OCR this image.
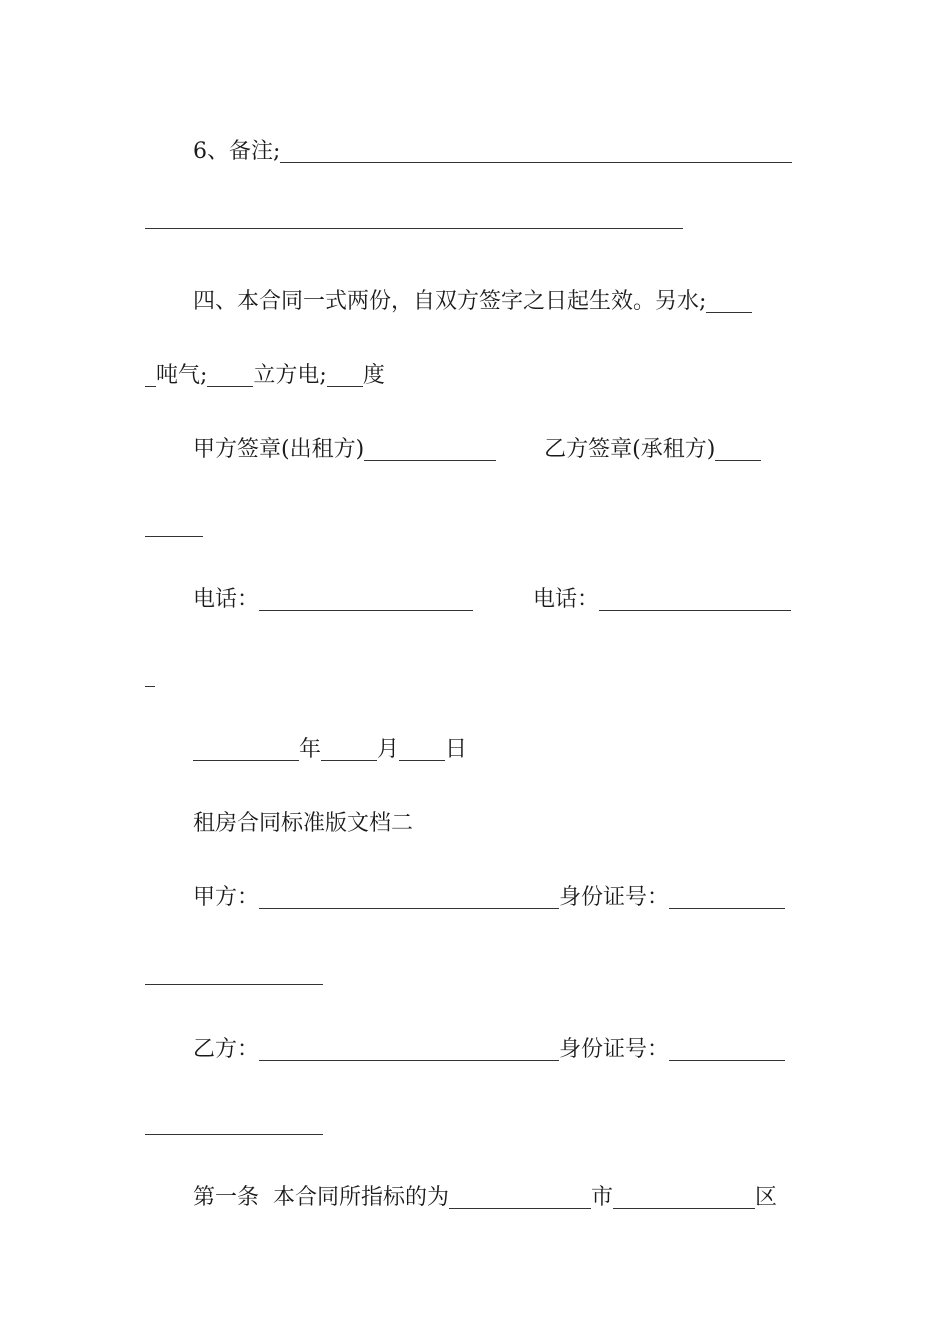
6、备注;
四、本合同一式两份，自双方签字之日起生效。另水;
吨气; 立方电; 度
甲方签章(出租方)	乙方签章(承租方)
电话：	电话：
年	月 日
租房合同标准版文档二
甲方：	身份证号：
乙方：	身份证号：
第一条  本合同所指标的为	市	区
